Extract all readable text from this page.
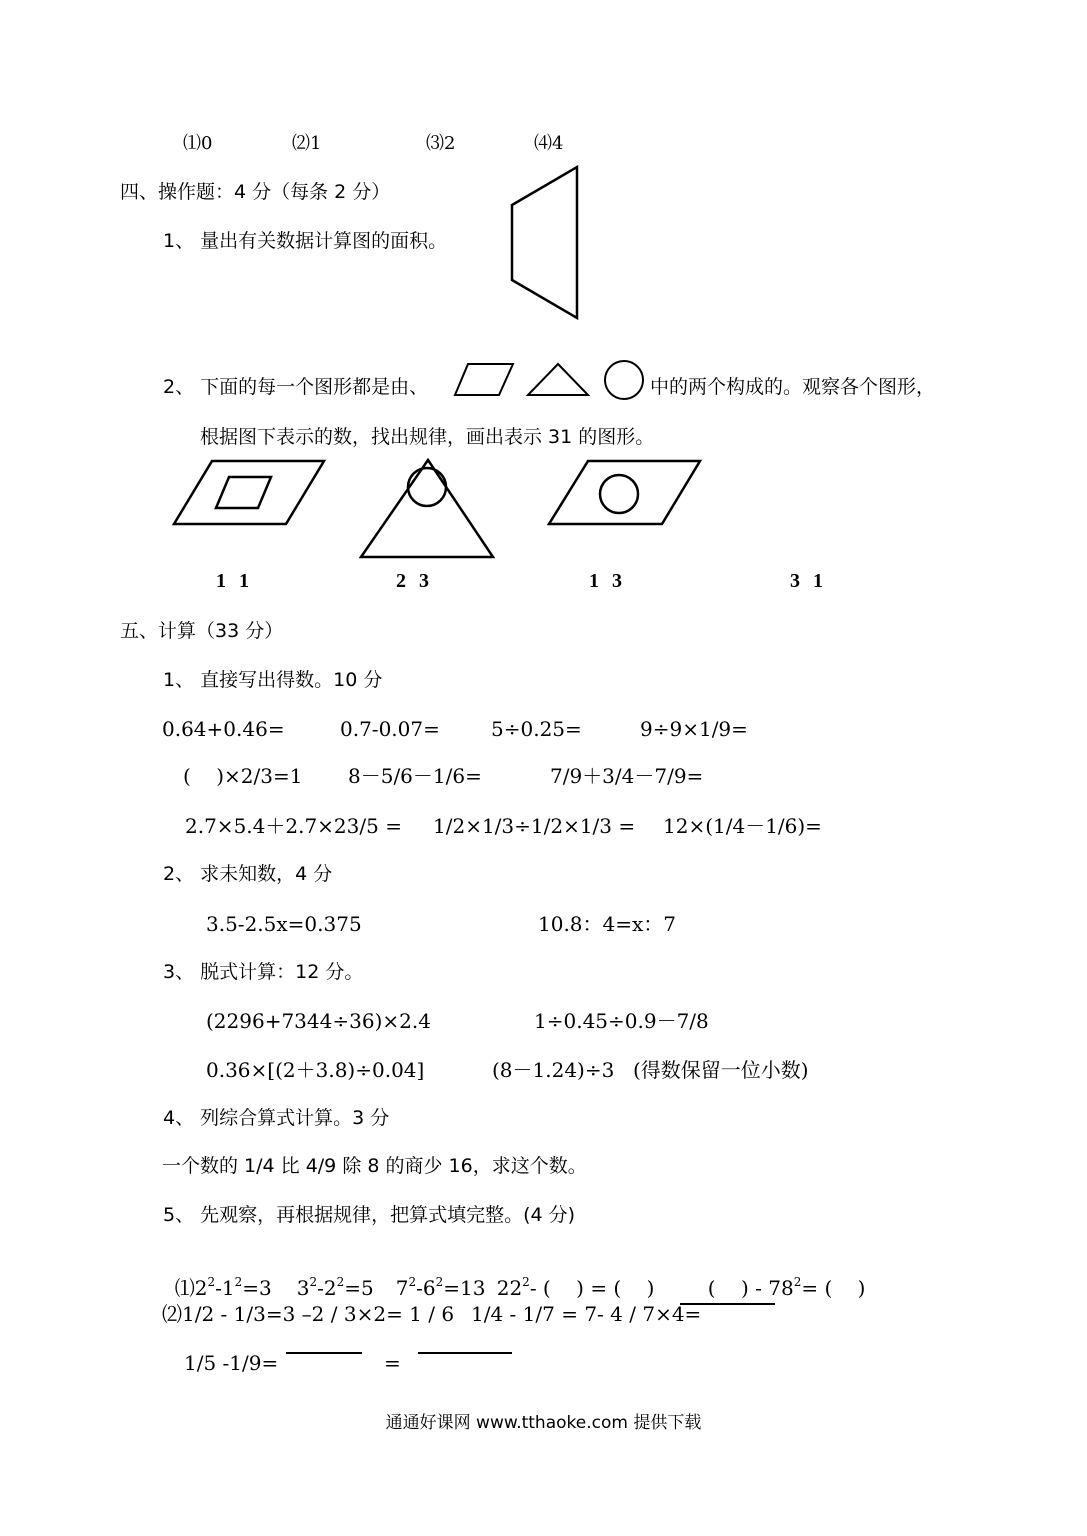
⑴0	⑵1	⑶2	⑷4
四、操作题：4 分（每条 2 分）
1、 量出有关数据计算图的面积。
2、 下面的每一个图形都是由、	中的两个构成的。观察各个图形，
根据图下表示的数，找出规律，画出表示 31 的图形。
1 1	2 3	1 3	3 1
五、计算（33 分）
1、 直接写出得数。10 分
0.64+0.46=	0.7-0.07=	5÷0.25=	9÷9×1/9=
(    )×2/3=1 8－5/6－1/6=	7/9＋3/4－7/9=
2.7×5.4＋2.7×23/5 = 1/2×1/3÷1/2×1/3 = 12×(1/4－1/6)=
2、 求未知数，4 分
3.5-2.5x=0.375	10.8：4=x：7
3、 脱式计算：12 分。
(2296+7344÷36)×2.4	1÷0.45÷0.9－7/8
0.36×[(2＋3.8)÷0.04]	(8－1.24)÷3 (得数保留一位小数)
4、 列综合算式计算。3 分
一个数的 1/4 比 4/9 除 8 的商少 16，求这个数。
5、 先观察，再根据规律，把算式填完整。(4 分)

$⑴2^2-1^2=3$	$3^2-2^2=5$	$7^2-6^2=13$ $22^2-$ (    ) = (    )	(    ) - $78^2=$ (    )

⑵1/2 - 1/3=3 –2 / 3×2= 1 / 6 1/4 - 1/7 = 7- 4 / 7×4=
1/5 -1/9=	=
通通好课网 www.tthaoke.com 提供下载
